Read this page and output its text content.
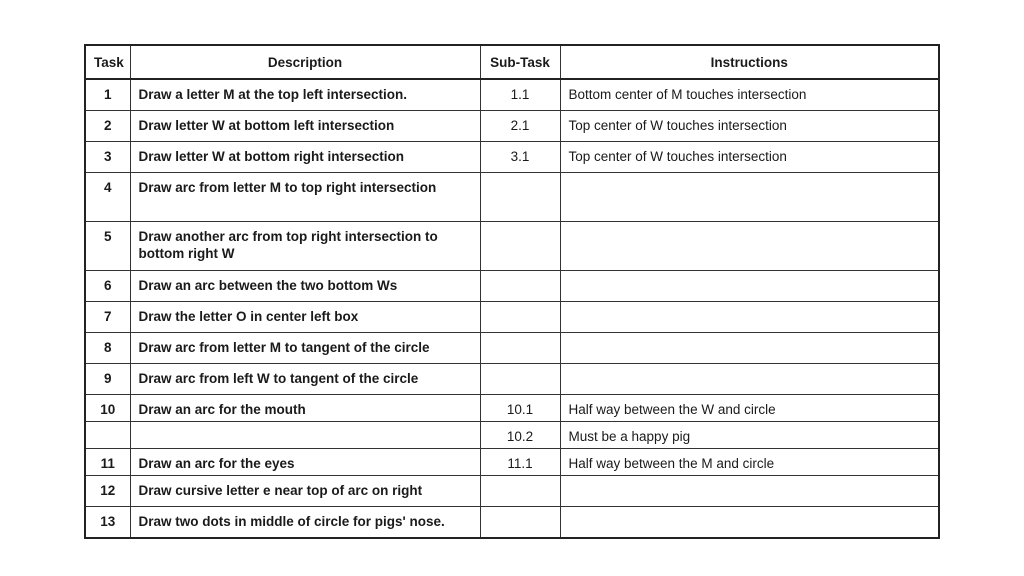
Task	Description	Sub-Task	Instructions
1	Draw a letter M at the top left intersection.	1.1	Bottom center of M touches intersection
2	Draw letter W at bottom left intersection	2.1	Top center of W touches intersection
3	Draw letter W at bottom right intersection	3.1	Top center of W touches intersection
4	Draw arc from letter M to top right intersection		
5	Draw another arc from top right intersection to bottom right W		
6	Draw an arc between the two bottom Ws		
7	Draw the letter O in center left box		
8	Draw arc from letter M to tangent of the circle		
9	Draw arc from left W to tangent of the circle		
10	Draw an arc for the mouth	10.1	Half way between the W and circle
		10.2	Must be a happy pig
11	Draw an arc for the eyes	11.1	Half way between the M and circle
12	Draw cursive letter e near top of arc on right		
13	Draw two dots in middle of circle for pigs' nose.		
